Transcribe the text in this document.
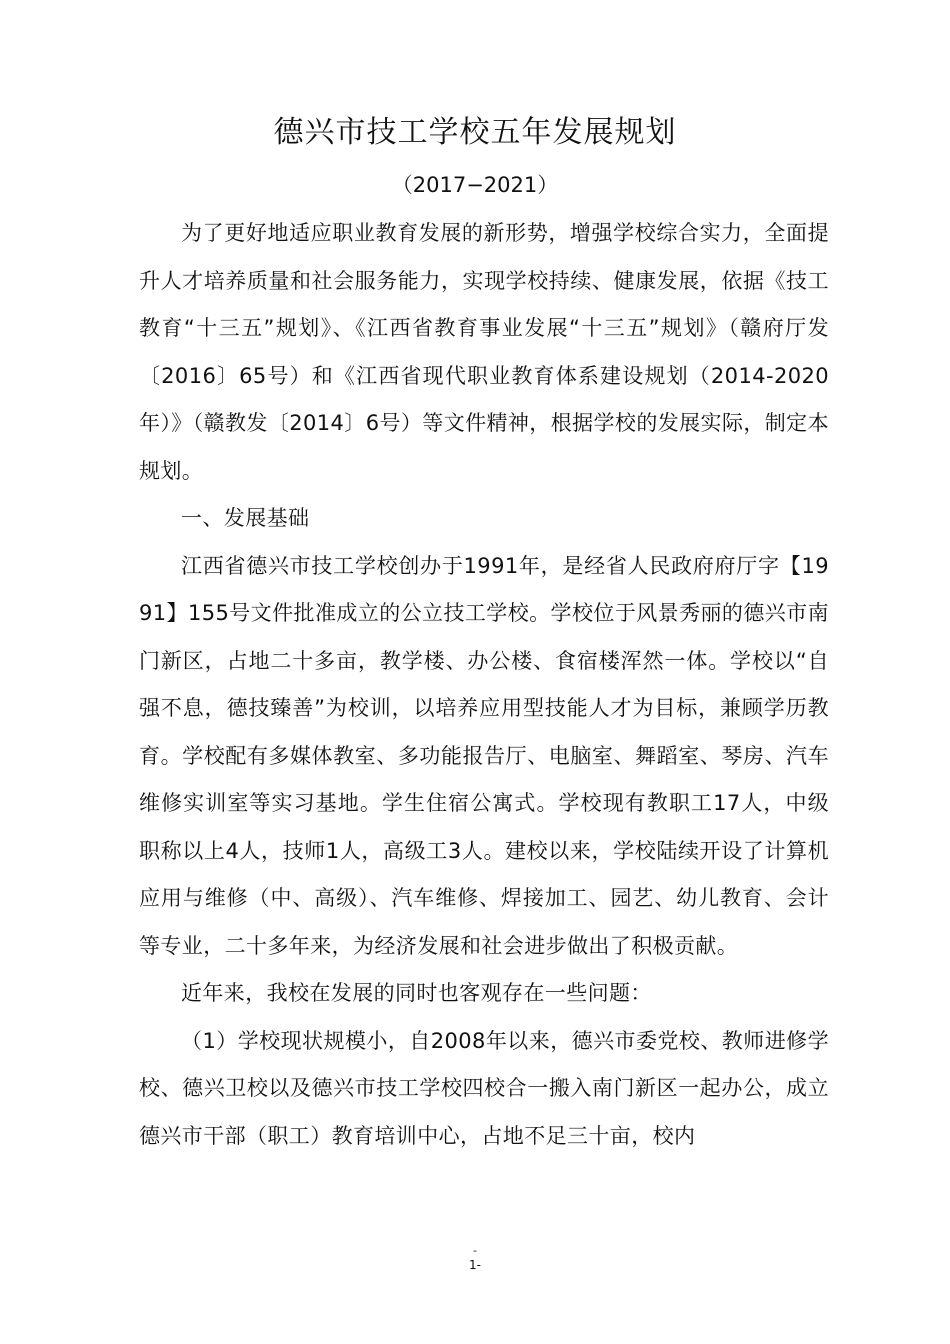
德兴市技工学校五年发展规划
（2017−2021）

为了更好地适应职业教育发展的新形势，增强学校综合实力，全面提升人才培养质量和社会服务能力，实现学校持续、健康发展，依据《技工教育“十三五”规划》、《江西省教育事业发展“十三五”规划》（赣府厅发〔2016〕65号）和《江西省现代职业教育体系建设规划（2014-2020年）》（赣教发〔2014〕6号）等文件精神，根据学校的发展实际，制定本规划。

一、发展基础

江西省德兴市技工学校创办于1991年，是经省人民政府府厅字【1991】155号文件批准成立的公立技工学校。学校位于风景秀丽的德兴市南门新区，占地二十多亩，教学楼、办公楼、食宿楼浑然一体。学校以“自强不息，德技臻善”为校训，以培养应用型技能人才为目标，兼顾学历教育。学校配有多媒体教室、多功能报告厅、电脑室、舞蹈室、琴房、汽车维修实训室等实习基地。学生住宿公寓式。学校现有教职工17人，中级职称以上4人，技师1人，高级工3人。建校以来，学校陆续开设了计算机应用与维修（中、高级）、汽车维修、焊接加工、园艺、幼儿教育、会计等专业，二十多年来，为经济发展和社会进步做出了积极贡献。

近年来，我校在发展的同时也客观存在一些问题：

（1）学校现状规模小，自2008年以来，德兴市委党校、教师进修学校、德兴卫校以及德兴市技工学校四校合一搬入南门新区一起办公，成立德兴市干部（职工）教育培训中心，占地不足三十亩，校内

-
1-
